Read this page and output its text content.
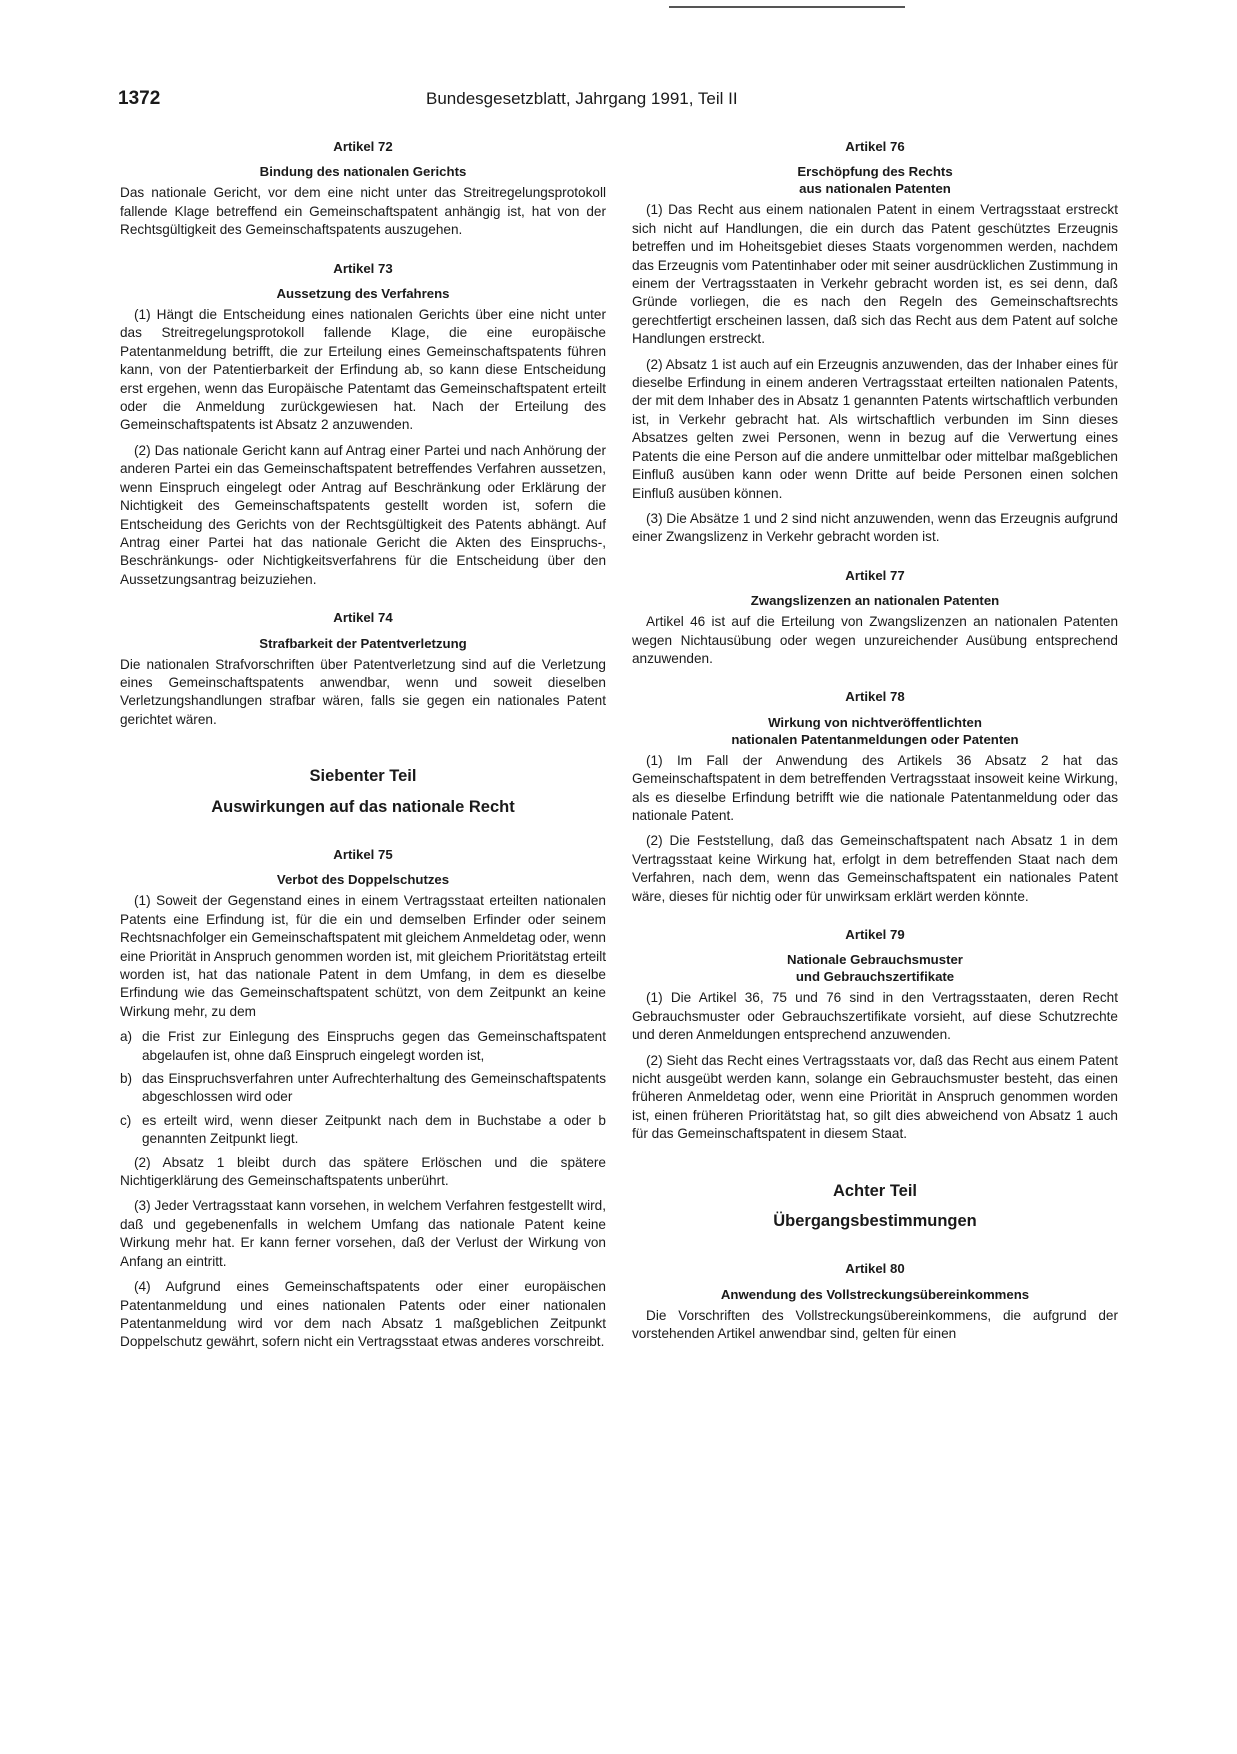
1372	Bundesgesetzblatt, Jahrgang 1991, Teil II

Artikel 72

Bindung des nationalen Gerichts

Das nationale Gericht, vor dem eine nicht unter das Streitregelungsprotokoll fallende Klage betreffend ein Gemeinschaftspatent anhängig ist, hat von der Rechtsgültigkeit des Gemeinschaftspatents auszugehen.

Artikel 73

Aussetzung des Verfahrens

(1) Hängt die Entscheidung eines nationalen Gerichts über eine nicht unter das Streitregelungsprotokoll fallende Klage, die eine europäische Patentanmeldung betrifft, die zur Erteilung eines Gemeinschaftspatents führen kann, von der Patentierbarkeit der Erfindung ab, so kann diese Entscheidung erst ergehen, wenn das Europäische Patentamt das Gemeinschaftspatent erteilt oder die Anmeldung zurückgewiesen hat. Nach der Erteilung des Gemeinschaftspatents ist Absatz 2 anzuwenden.

(2) Das nationale Gericht kann auf Antrag einer Partei und nach Anhörung der anderen Partei ein das Gemeinschaftspatent betreffendes Verfahren aussetzen, wenn Einspruch eingelegt oder Antrag auf Beschränkung oder Erklärung der Nichtigkeit des Gemeinschaftspatents gestellt worden ist, sofern die Entscheidung des Gerichts von der Rechtsgültigkeit des Patents abhängt. Auf Antrag einer Partei hat das nationale Gericht die Akten des Einspruchs-, Beschränkungs- oder Nichtigkeitsverfahrens für die Entscheidung über den Aussetzungsantrag beizuziehen.

Artikel 74

Strafbarkeit der Patentverletzung

Die nationalen Strafvorschriften über Patentverletzung sind auf die Verletzung eines Gemeinschaftspatents anwendbar, wenn und soweit dieselben Verletzungshandlungen strafbar wären, falls sie gegen ein nationales Patent gerichtet wären.

Siebenter Teil

Auswirkungen auf das nationale Recht

Artikel 75

Verbot des Doppelschutzes

(1) Soweit der Gegenstand eines in einem Vertragsstaat erteilten nationalen Patents eine Erfindung ist, für die ein und demselben Erfinder oder seinem Rechtsnachfolger ein Gemeinschaftspatent mit gleichem Anmeldetag oder, wenn eine Priorität in Anspruch genommen worden ist, mit gleichem Prioritätstag erteilt worden ist, hat das nationale Patent in dem Umfang, in dem es dieselbe Erfindung wie das Gemeinschaftspatent schützt, von dem Zeitpunkt an keine Wirkung mehr, zu dem

a) die Frist zur Einlegung des Einspruchs gegen das Gemeinschaftspatent abgelaufen ist, ohne daß Einspruch eingelegt worden ist,
b) das Einspruchsverfahren unter Aufrechterhaltung des Gemeinschaftspatents abgeschlossen wird oder
c) es erteilt wird, wenn dieser Zeitpunkt nach dem in Buchstabe a oder b genannten Zeitpunkt liegt.

(2) Absatz 1 bleibt durch das spätere Erlöschen und die spätere Nichtigerklärung des Gemeinschaftspatents unberührt.

(3) Jeder Vertragsstaat kann vorsehen, in welchem Verfahren festgestellt wird, daß und gegebenenfalls in welchem Umfang das nationale Patent keine Wirkung mehr hat. Er kann ferner vorsehen, daß der Verlust der Wirkung von Anfang an eintritt.

(4) Aufgrund eines Gemeinschaftspatents oder einer europäischen Patentanmeldung und eines nationalen Patents oder einer nationalen Patentanmeldung wird vor dem nach Absatz 1 maßgeblichen Zeitpunkt Doppelschutz gewährt, sofern nicht ein Vertragsstaat etwas anderes vorschreibt.

Artikel 76

Erschöpfung des Rechts
aus nationalen Patenten

(1) Das Recht aus einem nationalen Patent in einem Vertragsstaat erstreckt sich nicht auf Handlungen, die ein durch das Patent geschütztes Erzeugnis betreffen und im Hoheitsgebiet dieses Staats vorgenommen werden, nachdem das Erzeugnis vom Patentinhaber oder mit seiner ausdrücklichen Zustimmung in einem der Vertragsstaaten in Verkehr gebracht worden ist, es sei denn, daß Gründe vorliegen, die es nach den Regeln des Gemeinschaftsrechts gerechtfertigt erscheinen lassen, daß sich das Recht aus dem Patent auf solche Handlungen erstreckt.

(2) Absatz 1 ist auch auf ein Erzeugnis anzuwenden, das der Inhaber eines für dieselbe Erfindung in einem anderen Vertragsstaat erteilten nationalen Patents, der mit dem Inhaber des in Absatz 1 genannten Patents wirtschaftlich verbunden ist, in Verkehr gebracht hat. Als wirtschaftlich verbunden im Sinn dieses Absatzes gelten zwei Personen, wenn in bezug auf die Verwertung eines Patents die eine Person auf die andere unmittelbar oder mittelbar maßgeblichen Einfluß ausüben kann oder wenn Dritte auf beide Personen einen solchen Einfluß ausüben können.

(3) Die Absätze 1 und 2 sind nicht anzuwenden, wenn das Erzeugnis aufgrund einer Zwangslizenz in Verkehr gebracht worden ist.

Artikel 77

Zwangslizenzen an nationalen Patenten

Artikel 46 ist auf die Erteilung von Zwangslizenzen an nationalen Patenten wegen Nichtausübung oder wegen unzureichender Ausübung entsprechend anzuwenden.

Artikel 78

Wirkung von nichtveröffentlichten
nationalen Patentanmeldungen oder Patenten

(1) Im Fall der Anwendung des Artikels 36 Absatz 2 hat das Gemeinschaftspatent in dem betreffenden Vertragsstaat insoweit keine Wirkung, als es dieselbe Erfindung betrifft wie die nationale Patentanmeldung oder das nationale Patent.

(2) Die Feststellung, daß das Gemeinschaftspatent nach Absatz 1 in dem Vertragsstaat keine Wirkung hat, erfolgt in dem betreffenden Staat nach dem Verfahren, nach dem, wenn das Gemeinschaftspatent ein nationales Patent wäre, dieses für nichtig oder für unwirksam erklärt werden könnte.

Artikel 79

Nationale Gebrauchsmuster
und Gebrauchszertifikate

(1) Die Artikel 36, 75 und 76 sind in den Vertragsstaaten, deren Recht Gebrauchsmuster oder Gebrauchszertifikate vorsieht, auf diese Schutzrechte und deren Anmeldungen entsprechend anzuwenden.

(2) Sieht das Recht eines Vertragsstaats vor, daß das Recht aus einem Patent nicht ausgeübt werden kann, solange ein Gebrauchsmuster besteht, das einen früheren Anmeldetag oder, wenn eine Priorität in Anspruch genommen worden ist, einen früheren Prioritätstag hat, so gilt dies abweichend von Absatz 1 auch für das Gemeinschaftspatent in diesem Staat.

Achter Teil

Übergangsbestimmungen

Artikel 80

Anwendung des Vollstreckungsübereinkommens

Die Vorschriften des Vollstreckungsübereinkommens, die aufgrund der vorstehenden Artikel anwendbar sind, gelten für einen
